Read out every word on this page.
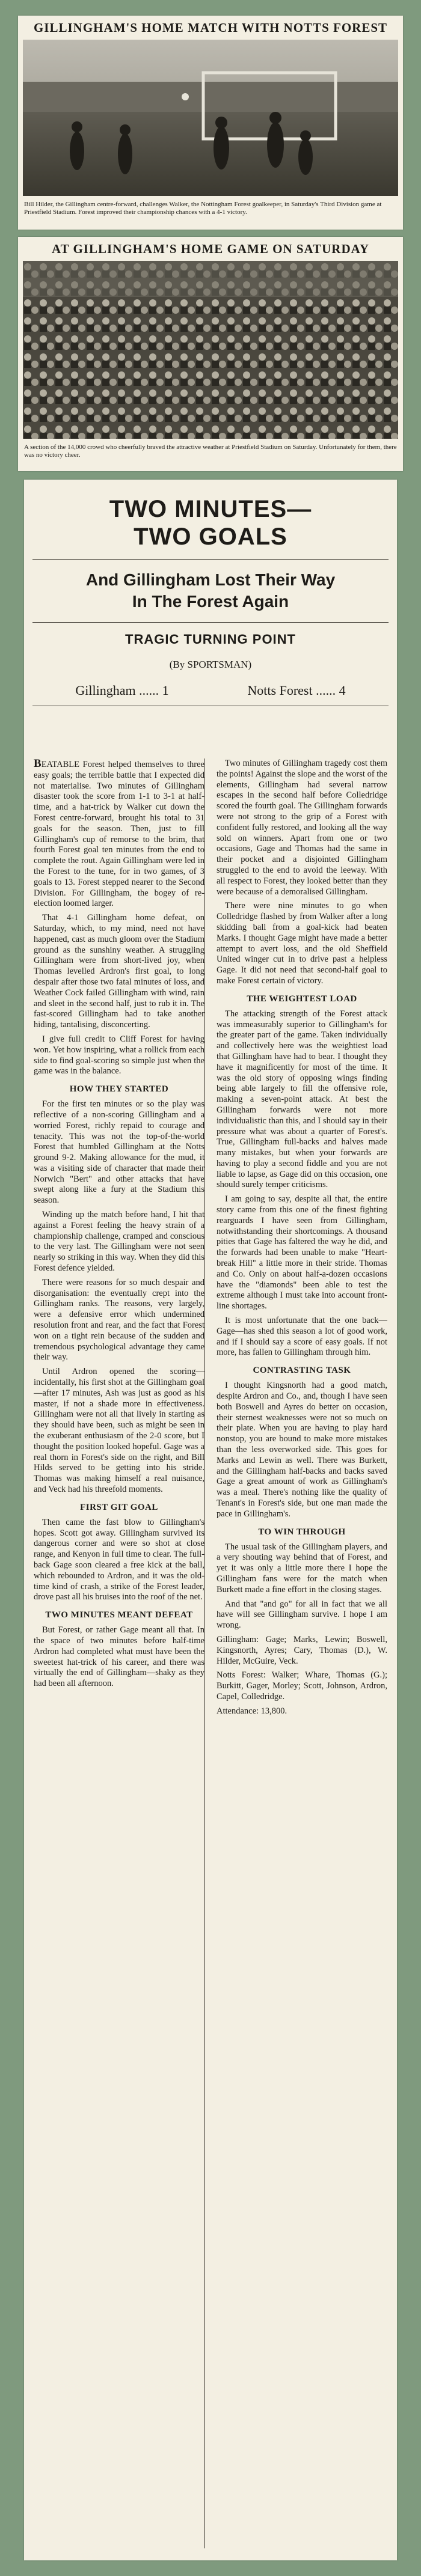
GILLINGHAM'S HOME MATCH WITH NOTTS FOREST
Bill Hilder, the Gillingham centre-forward, challenges Walker, the Nottingham Forest goalkeeper, in Saturday's Third Division game at Priestfield Stadium. Forest improved their championship chances with a 4-1 victory.
AT GILLINGHAM'S HOME GAME ON SATURDAY
A section of the 14,000 crowd who cheerfully braved the attractive weather at Priestfield Stadium on Saturday. Unfortunately for them, there was no victory cheer.
TWO MINUTES—
TWO GOALS
And Gillingham Lost Their Way
In The Forest Again
TRAGIC TURNING POINT
(By SPORTSMAN)
Gillingham ...... 1	Notts Forest ...... 4

BEATABLE Forest helped themselves to three easy goals; the terrible battle that I expected did not materialise. Two minutes of Gillingham disaster took the score from 1-1 to 3-1 at half-time, and a hat-trick by Walker cut down the Forest centre-forward, brought his total to 31 goals for the season. Then, just to fill Gillingham's cup of remorse to the brim, that fourth Forest goal ten minutes from the end to complete the rout. Again Gillingham were led in the Forest to the tune, for in two games, of 3 goals to 13. Forest stepped nearer to the Second Division. For Gillingham, the bogey of re-election loomed larger.

That 4-1 Gillingham home defeat, on Saturday, which, to my mind, need not have happened, cast as much gloom over the Stadium ground as the sunshiny weather. A struggling Gillingham were from short-lived joy, when Thomas levelled Ardron's first goal, to long despair after those two fatal minutes of loss, and Weather Cock failed Gillingham with wind, rain and sleet in the second half, just to rub it in. The fast-scored Gillingham had to take another hiding, tantalising, disconcerting.

I give full credit to Cliff Forest for having won. Yet how inspiring, what a rollick from each side to find goal-scoring so simple just when the game was in the balance.

HOW THEY STARTED

For the first ten minutes or so the play was reflective of a non-scoring Gillingham and a worried Forest, richly repaid to courage and tenacity. This was not the top-of-the-world Forest that humbled Gillingham at the Notts ground 9-2. Making allowance for the mud, it was a visiting side of character that made their Norwich "Bert" and other attacks that have swept along like a fury at the Stadium this season.

Winding up the match before hand, I hit that against a Forest feeling the heavy strain of a championship challenge, cramped and conscious to the very last. The Gillingham were not seen nearly so striking in this way. When they did this Forest defence yielded.

There were reasons for so much despair and disorganisation: the eventually crept into the Gillingham ranks. The reasons, very largely, were a defensive error which undermined resolution front and rear, and the fact that Forest won on a tight rein because of the sudden and tremendous psychological advantage they came their way.

Until Ardron opened the scoring—incidentally, his first shot at the Gillingham goal—after 17 minutes, Ash was just as good as his master, if not a shade more in effectiveness. Gillingham were not all that lively in starting as they should have been, such as might be seen in the exuberant enthusiasm of the 2-0 score, but I thought the position looked hopeful. Gage was a real thorn in Forest's side on the right, and Bill Hilds served to be getting into his stride. Thomas was making himself a real nuisance, and Veck had his threefold moments.

FIRST GIT GOAL

Then came the fast blow to Gillingham's hopes. Scott got away. Gillingham survived its dangerous corner and were so shot at close range, and Kenyon in full time to clear. The full-back Gage soon cleared a free kick at the ball, which rebounded to Ardron, and it was the old-time kind of crash, a strike of the Forest leader, drove past all his bruises into the roof of the net.

TWO MINUTES MEANT DEFEAT

But Forest, or rather Gage meant all that. In the space of two minutes before half-time Ardron had completed what must have been the sweetest hat-trick of his career, and there was virtually the end of Gillingham—shaky as they had been all afternoon.

Two minutes of Gillingham tragedy cost them the points! Against the slope and the worst of the elements, Gillingham had several narrow escapes in the second half before Colledridge scored the fourth goal. The Gillingham forwards were not strong to the grip of a Forest with confident fully restored, and looking all the way sold on winners. Apart from one or two occasions, Gage and Thomas had the same in their pocket and a disjointed Gillingham struggled to the end to avoid the leeway. With all respect to Forest, they looked better than they were because of a demoralised Gillingham.

There were nine minutes to go when Colledridge flashed by from Walker after a long skidding ball from a goal-kick had beaten Marks. I thought Gage might have made a better attempt to avert loss, and the old Sheffield United winger cut in to drive past a helpless Gage. It did not need that second-half goal to make Forest certain of victory.

THE WEIGHTEST LOAD

The attacking strength of the Forest attack was immeasurably superior to Gillingham's for the greater part of the game. Taken individually and collectively here was the weightiest load that Gillingham have had to bear. I thought they have it magnificently for most of the time. It was the old story of opposing wings finding being able largely to fill the offensive role, making a seven-point attack. At best the Gillingham forwards were not more individualistic than this, and I should say in their pressure what was about a quarter of Forest's. True, Gillingham full-backs and halves made many mistakes, but when your forwards are having to play a second fiddle and you are not liable to lapse, as Gage did on this occasion, one should surely temper criticisms.

I am going to say, despite all that, the entire story came from this one of the finest fighting rearguards I have seen from Gillingham, notwithstanding their shortcomings. A thousand pities that Gage has faltered the way he did, and the forwards had been unable to make "Heart-break Hill" a little more in their stride. Thomas and Co. Only on about half-a-dozen occasions have the "diamonds" been able to test the extreme although I must take into account front-line shortages.

It is most unfortunate that the one back—Gage—has shed this season a lot of good work, and if I should say a score of easy goals. If not more, has fallen to Gillingham through him.

CONTRASTING TASK

I thought Kingsnorth had a good match, despite Ardron and Co., and, though I have seen both Boswell and Ayres do better on occasion, their sternest weaknesses were not so much on their plate. When you are having to play hard nonstop, you are bound to make more mistakes than the less overworked side. This goes for Marks and Lewin as well. There was Burkett, and the Gillingham half-backs and backs saved Gage a great amount of work as Gillingham's was a meal. There's nothing like the quality of Tenant's in Forest's side, but one man made the pace in Gillingham's.

TO WIN THROUGH

The usual task of the Gillingham players, and a very shouting way behind that of Forest, and yet it was only a little more there I hope the Gillingham fans were for the match when Burkett made a fine effort in the closing stages.

And that "and go" for all in fact that we all have will see Gillingham survive. I hope I am wrong.

Gillingham: Gage; Marks, Lewin; Boswell, Kingsnorth, Ayres; Cary, Thomas (D.), W. Hilder, McGuire, Veck.

Notts Forest: Walker; Whare, Thomas (G.); Burkitt, Gager, Morley; Scott, Johnson, Ardron, Capel, Colledridge.

Attendance: 13,800.
